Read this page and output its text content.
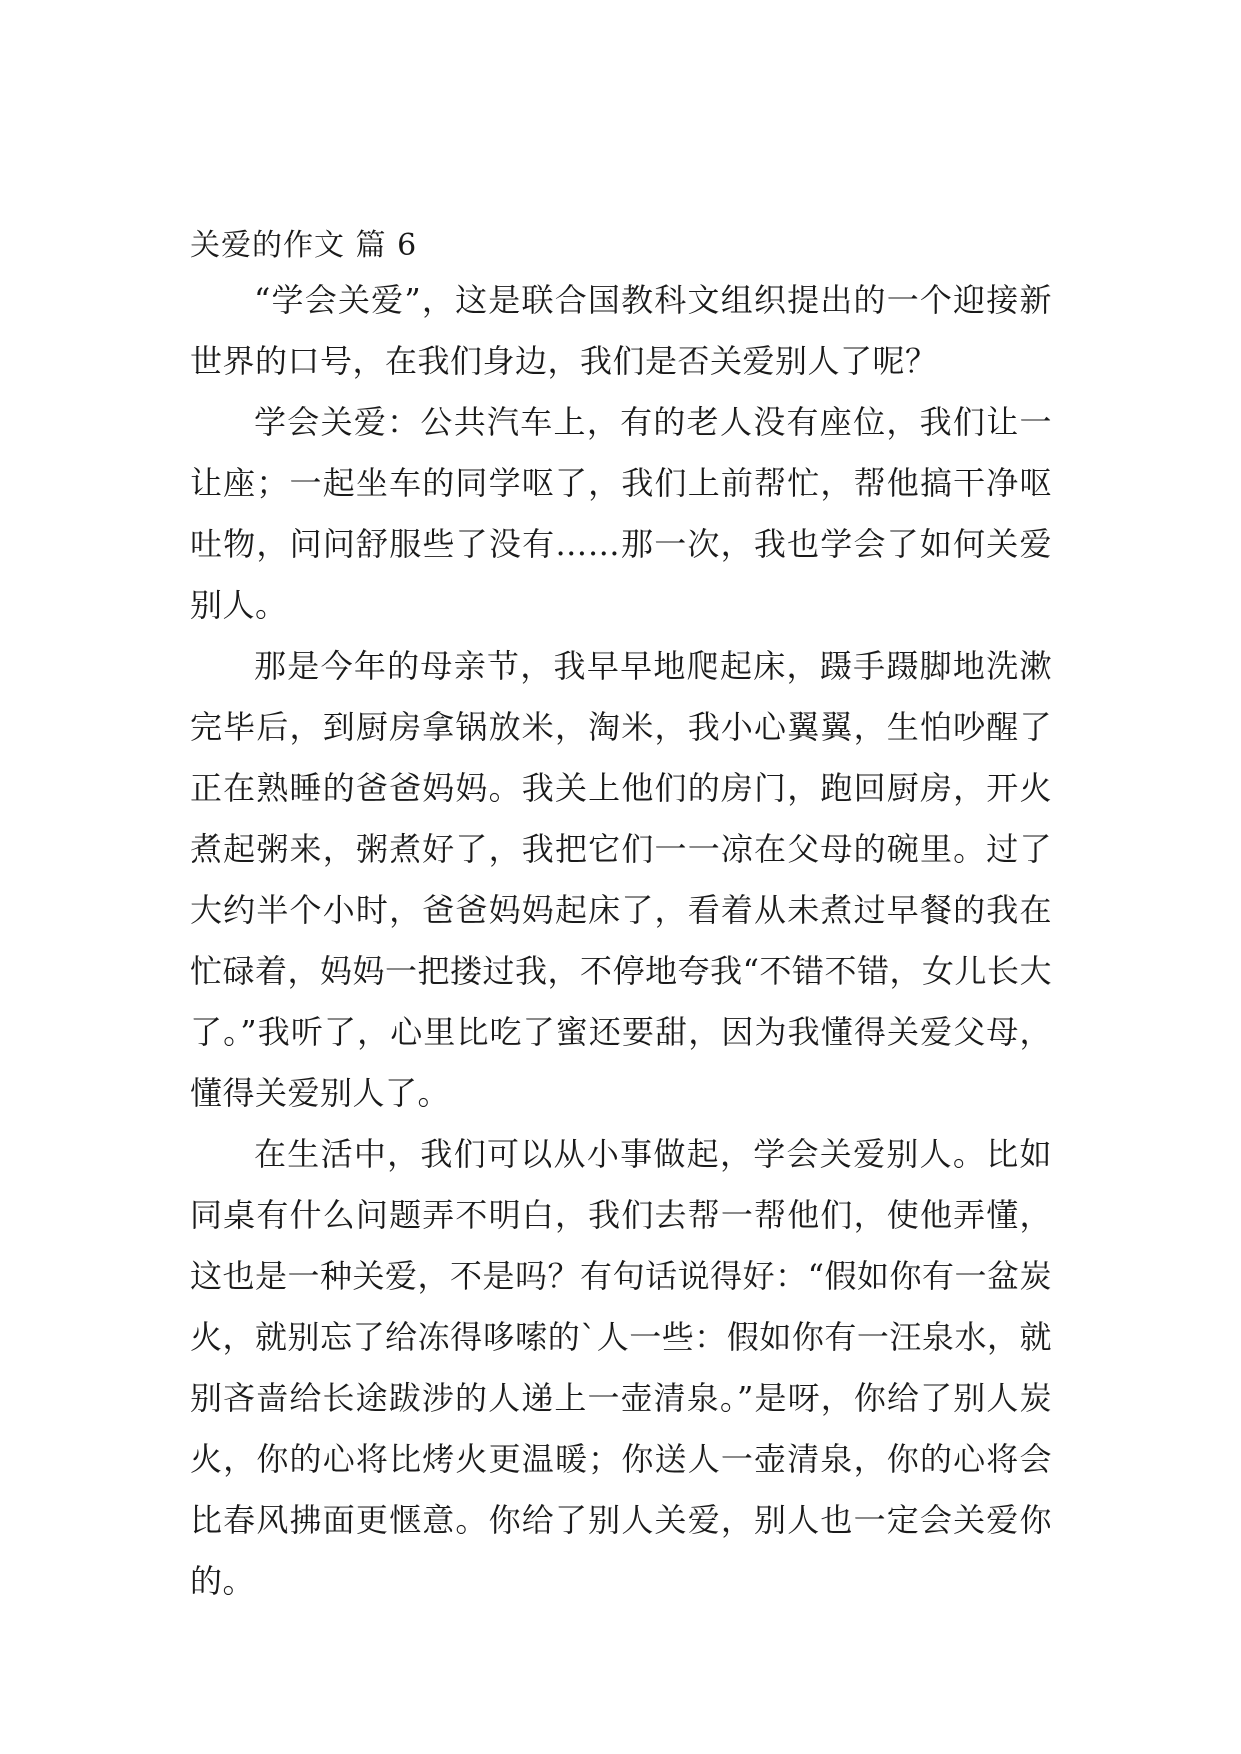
关爱的作文 篇 6

“学会关爱”，这是联合国教科文组织提出的一个迎接新世界的口号，在我们身边，我们是否关爱别人了呢？

学会关爱：公共汽车上，有的老人没有座位，我们让一让座；一起坐车的同学呕了，我们上前帮忙，帮他搞干净呕吐物，问问舒服些了没有……那一次，我也学会了如何关爱别人。

那是今年的母亲节，我早早地爬起床，蹑手蹑脚地洗漱完毕后，到厨房拿锅放米，淘米，我小心翼翼，生怕吵醒了正在熟睡的爸爸妈妈。我关上他们的房门，跑回厨房，开火煮起粥来，粥煮好了，我把它们一一凉在父母的碗里。过了大约半个小时，爸爸妈妈起床了，看着从未煮过早餐的我在忙碌着，妈妈一把搂过我，不停地夸我“不错不错，女儿长大了。”我听了，心里比吃了蜜还要甜，因为我懂得关爱父母，懂得关爱别人了。

在生活中，我们可以从小事做起，学会关爱别人。比如同桌有什么问题弄不明白，我们去帮一帮他们，使他弄懂，这也是一种关爱，不是吗？有句话说得好：“假如你有一盆炭火，就别忘了给冻得哆嗦的`人一些：假如你有一汪泉水，就别吝啬给长途跋涉的人递上一壶清泉。”是呀，你给了别人炭火，你的心将比烤火更温暖；你送人一壶清泉，你的心将会比春风拂面更惬意。你给了别人关爱，别人也一定会关爱你的。
